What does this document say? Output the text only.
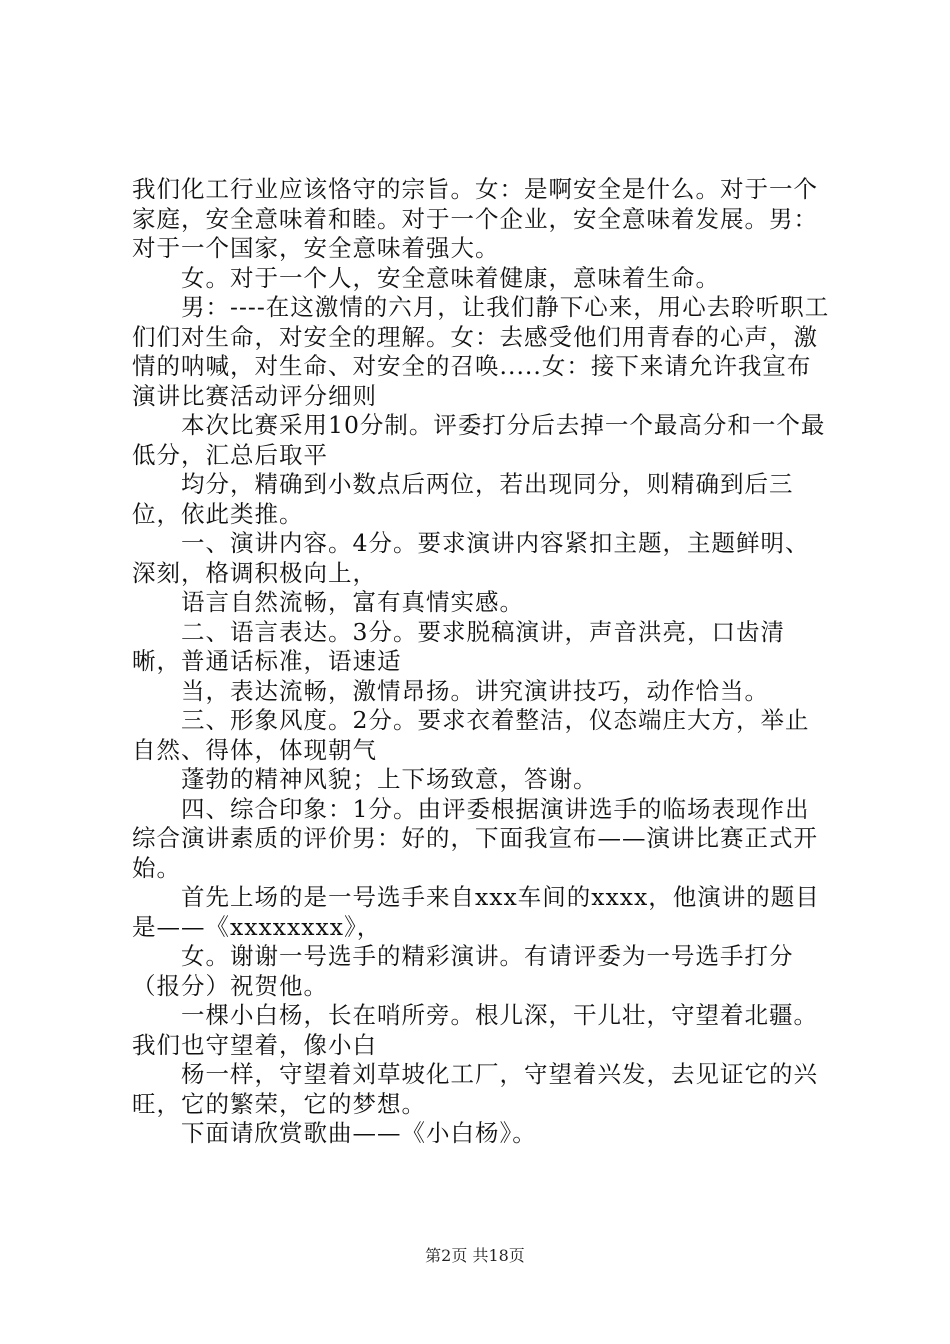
我们化工行业应该恪守的宗旨。女：是啊安全是什么。对于一个家庭，安全意味着和睦。对于一个企业，安全意味着发展。男：对于一个国家，安全意味着强大。

女。对于一个人，安全意味着健康，意味着生命。

男：----在这激情的六月，让我们静下心来，用心去聆听职工们们对生命，对安全的理解。女：去感受他们用青春的心声，激情的呐喊，对生命、对安全的召唤.....女：接下来请允许我宣布演讲比赛活动评分细则

本次比赛采用10分制。评委打分后去掉一个最高分和一个最低分，汇总后取平

均分，精确到小数点后两位，若出现同分，则精确到后三位，依此类推。

一、演讲内容。4分。要求演讲内容紧扣主题，主题鲜明、深刻，格调积极向上，

语言自然流畅，富有真情实感。

二、语言表达。3分。要求脱稿演讲，声音洪亮，口齿清晰，普通话标准，语速适

当，表达流畅，激情昂扬。讲究演讲技巧，动作恰当。

三、形象风度。2分。要求衣着整洁，仪态端庄大方，举止自然、得体，体现朝气

蓬勃的精神风貌；上下场致意，答谢。

四、综合印象：1分。由评委根据演讲选手的临场表现作出综合演讲素质的评价男：好的，下面我宣布——演讲比赛正式开始。

首先上场的是一号选手来自xxx车间的xxxx，他演讲的题目是——《xxxxxxxx》，

女。谢谢一号选手的精彩演讲。有请评委为一号选手打分（报分）祝贺他。

一棵小白杨，长在哨所旁。根儿深，干儿壮，守望着北疆。我们也守望着，像小白

杨一样，守望着刘草坡化工厂，守望着兴发，去见证它的兴旺，它的繁荣，它的梦想。

下面请欣赏歌曲——《小白杨》。

第2页 共18页
